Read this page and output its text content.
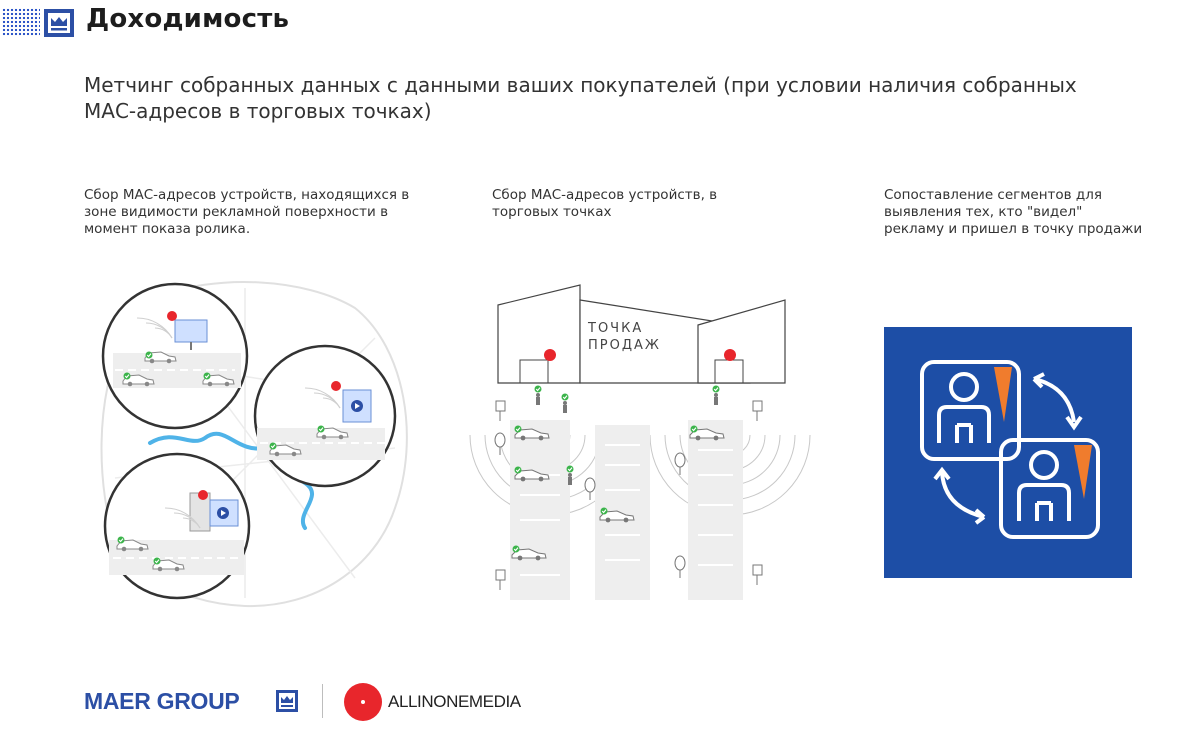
Доходимость
Метчинг собранных данных с данными ваших покупателей (при условии наличия собранных МАС-адресов в торговых точках)
Сбор МАС-адресов устройств, находящихся в зоне видимости рекламной поверхности в момент показа ролика.
Сбор МАС-адресов устройств, в торговых точках
Сопоставление сегментов для выявления тех, кто "видел" рекламу и пришел в точку продажи
ТОЧКА
ПРОДАЖ
MAER GROUP	ALLINONEMEDIA
